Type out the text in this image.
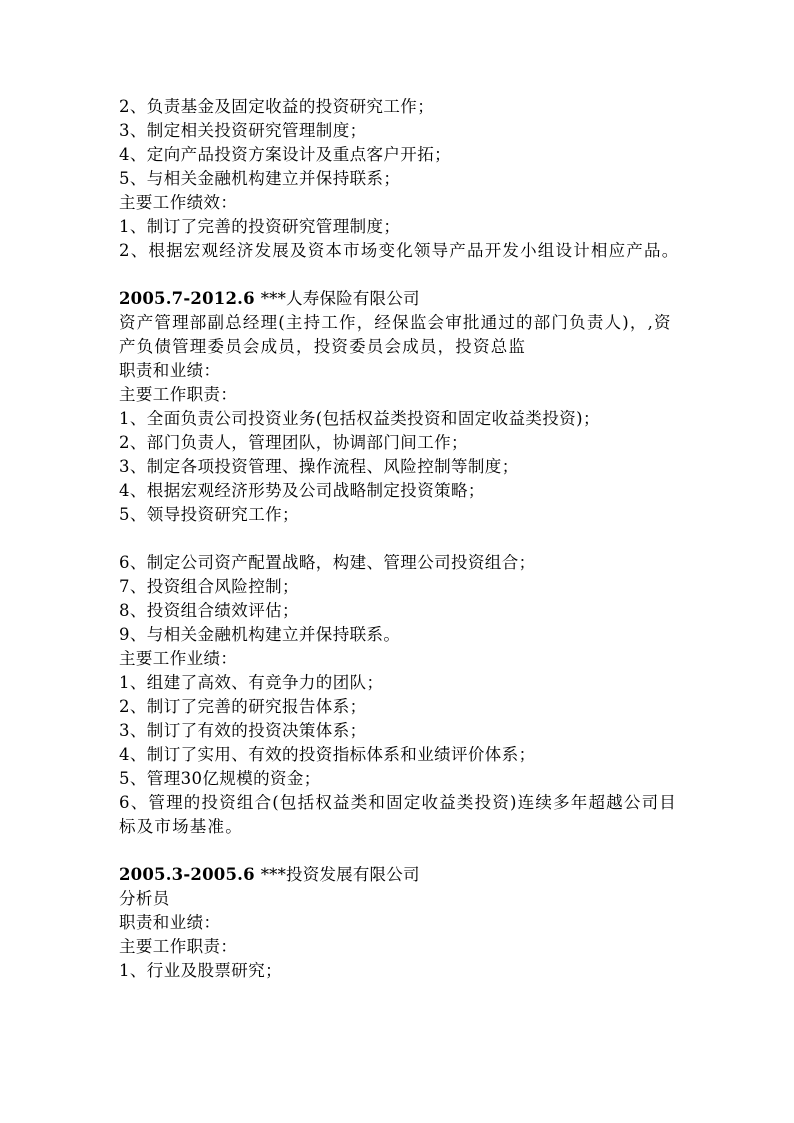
2、负责基金及固定收益的投资研究工作；
3、制定相关投资研究管理制度；
4、定向产品投资方案设计及重点客户开拓；
5、与相关金融机构建立并保持联系；
主要工作绩效：
1、制订了完善的投资研究管理制度；
2、根据宏观经济发展及资本市场变化领导产品开发小组设计相应产品。
2005.7-2012.6 ***人寿保险有限公司
资产管理部副总经理(主持工作，经保监会审批通过的部门负责人)，,资产负债管理委员会成员，投资委员会成员，投资总监
职责和业绩：
主要工作职责：
1、全面负责公司投资业务(包括权益类投资和固定收益类投资)；
2、部门负责人，管理团队，协调部门间工作；
3、制定各项投资管理、操作流程、风险控制等制度；
4、根据宏观经济形势及公司战略制定投资策略；
5、领导投资研究工作；
6、制定公司资产配置战略，构建、管理公司投资组合；
7、投资组合风险控制；
8、投资组合绩效评估；
9、与相关金融机构建立并保持联系。
主要工作业绩：
1、组建了高效、有竞争力的团队；
2、制订了完善的研究报告体系；
3、制订了有效的投资决策体系；
4、制订了实用、有效的投资指标体系和业绩评价体系；
5、管理30亿规模的资金；
6、管理的投资组合(包括权益类和固定收益类投资)连续多年超越公司目标及市场基准。
2005.3-2005.6 ***投资发展有限公司
分析员
职责和业绩：
主要工作职责：
1、行业及股票研究；
